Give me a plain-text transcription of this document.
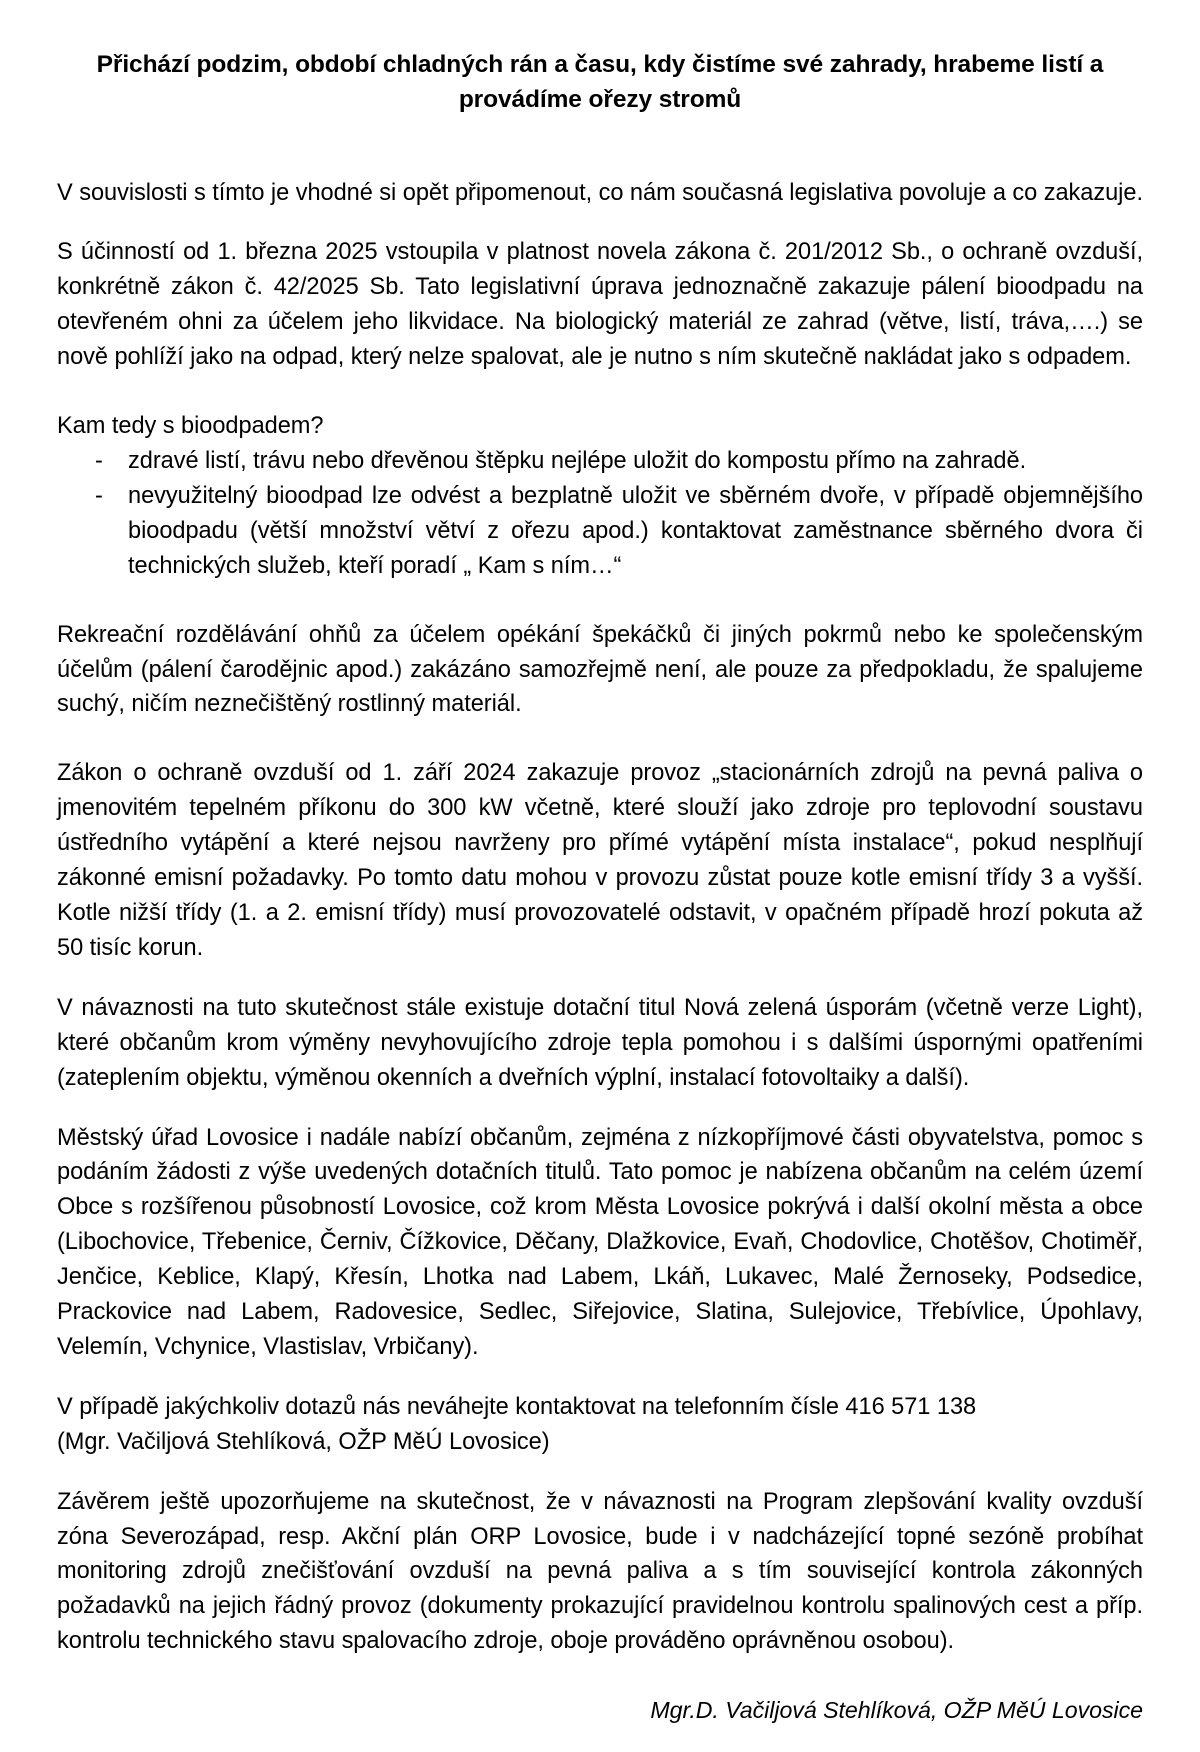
Přichází podzim, období chladných rán a času, kdy čistíme své zahrady, hrabeme listí a provádíme ořezy stromů

V souvislosti s tímto je vhodné si opět připomenout, co nám současná legislativa povoluje a co zakazuje.

S účinností od 1. března 2025 vstoupila v platnost novela zákona č. 201/2012 Sb., o ochraně ovzduší, konkrétně zákon č. 42/2025 Sb. Tato legislativní úprava jednoznačně zakazuje pálení bioodpadu na otevřeném ohni za účelem jeho likvidace. Na biologický materiál ze zahrad (větve, listí, tráva,….) se nově pohlíží jako na odpad, který nelze spalovat, ale je nutno s ním skutečně nakládat jako s odpadem.

Kam tedy s bioodpadem?

- zdravé listí, trávu nebo dřevěnou štěpku nejlépe uložit do kompostu přímo na zahradě.
- nevyužitelný bioodpad lze odvést a bezplatně uložit ve sběrném dvoře, v případě objemnějšího bioodpadu (větší množství větví z ořezu apod.) kontaktovat zaměstnance sběrného dvora či technických služeb, kteří poradí „ Kam s ním…“

Rekreační rozdělávání ohňů za účelem opékání špekáčků či jiných pokrmů nebo ke společenským účelům (pálení čarodějnic apod.) zakázáno samozřejmě není, ale pouze za předpokladu, že spalujeme suchý, ničím neznečištěný rostlinný materiál.

Zákon o ochraně ovzduší od 1. září 2024 zakazuje provoz „stacionárních zdrojů na pevná paliva o jmenovitém tepelném příkonu do 300 kW včetně, které slouží jako zdroje pro teplovodní soustavu ústředního vytápění a které nejsou navrženy pro přímé vytápění místa instalace“, pokud nesplňují zákonné emisní požadavky. Po tomto datu mohou v provozu zůstat pouze kotle emisní třídy 3 a vyšší. Kotle nižší třídy (1. a 2. emisní třídy) musí provozovatelé odstavit, v opačném případě hrozí pokuta až 50 tisíc korun.

V návaznosti na tuto skutečnost stále existuje dotační titul Nová zelená úsporám (včetně verze Light), které občanům krom výměny nevyhovujícího zdroje tepla pomohou i s dalšími úspornými opatřeními (zateplením objektu, výměnou okenních a dveřních výplní, instalací fotovoltaiky a další).

Městský úřad Lovosice i nadále nabízí občanům, zejména z nízkopříjmové části obyvatelstva, pomoc s podáním žádosti z výše uvedených dotačních titulů. Tato pomoc je nabízena občanům na celém území Obce s rozšířenou působností Lovosice, což krom Města Lovosice pokrývá i další okolní města a obce (Libochovice, Třebenice, Černiv, Čížkovice, Děčany, Dlažkovice, Evaň, Chodovlice, Chotěšov, Chotiměř, Jenčice, Keblice, Klapý, Křesín, Lhotka nad Labem, Lkáň, Lukavec, Malé Žernoseky, Podsedice, Prackovice nad Labem, Radovesice, Sedlec, Siřejovice, Slatina, Sulejovice, Třebívlice, Úpohlavy, Velemín, Vchynice, Vlastislav, Vrbičany).

V případě jakýchkoliv dotazů nás neváhejte kontaktovat na telefonním čísle 416 571 138

(Mgr. Vačiljová Stehlíková, OŽP MěÚ Lovosice)

Závěrem ještě upozorňujeme na skutečnost, že v návaznosti na Program zlepšování kvality ovzduší zóna Severozápad, resp. Akční plán ORP Lovosice, bude i v nadcházející topné sezóně probíhat monitoring zdrojů znečišťování ovzduší na pevná paliva a s tím související kontrola zákonných požadavků na jejich řádný provoz (dokumenty prokazující pravidelnou kontrolu spalinových cest a příp. kontrolu technického stavu spalovacího zdroje, oboje prováděno oprávněnou osobou).

Mgr.D. Vačiljová Stehlíková, OŽP MěÚ Lovosice
